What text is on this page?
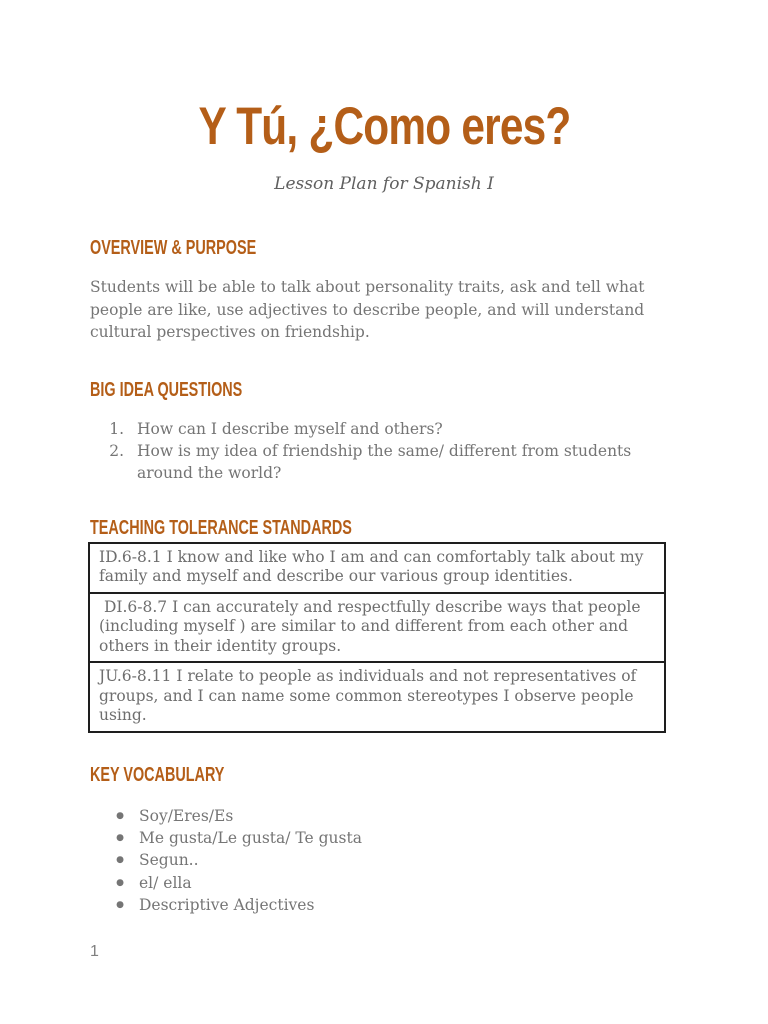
Y Tú, ¿Como eres?
Lesson Plan for Spanish I
OVERVIEW & PURPOSE

Students will be able to talk about personality traits, ask and tell what people are like, use adjectives to describe people, and will understand cultural perspectives on friendship.

BIG IDEA QUESTIONS
1. How can I describe myself and others?
2. How is my idea of friendship the same/ different from students around the world?
TEACHING TOLERANCE STANDARDS
ID.6-8.1 I know and like who I am and can comfortably talk about my family and myself and describe our various group identities.
DI.6-8.7 I can accurately and respectfully describe ways that people (including myself ) are similar to and different from each other and others in their identity groups.
JU.6-8.11 I relate to people as individuals and not representatives of groups, and I can name some common stereotypes I observe people using.
KEY VOCABULARY
● Soy/Eres/Es
● Me gusta/Le gusta/ Te gusta
● Segun..
● el/ ella
● Descriptive Adjectives
1
